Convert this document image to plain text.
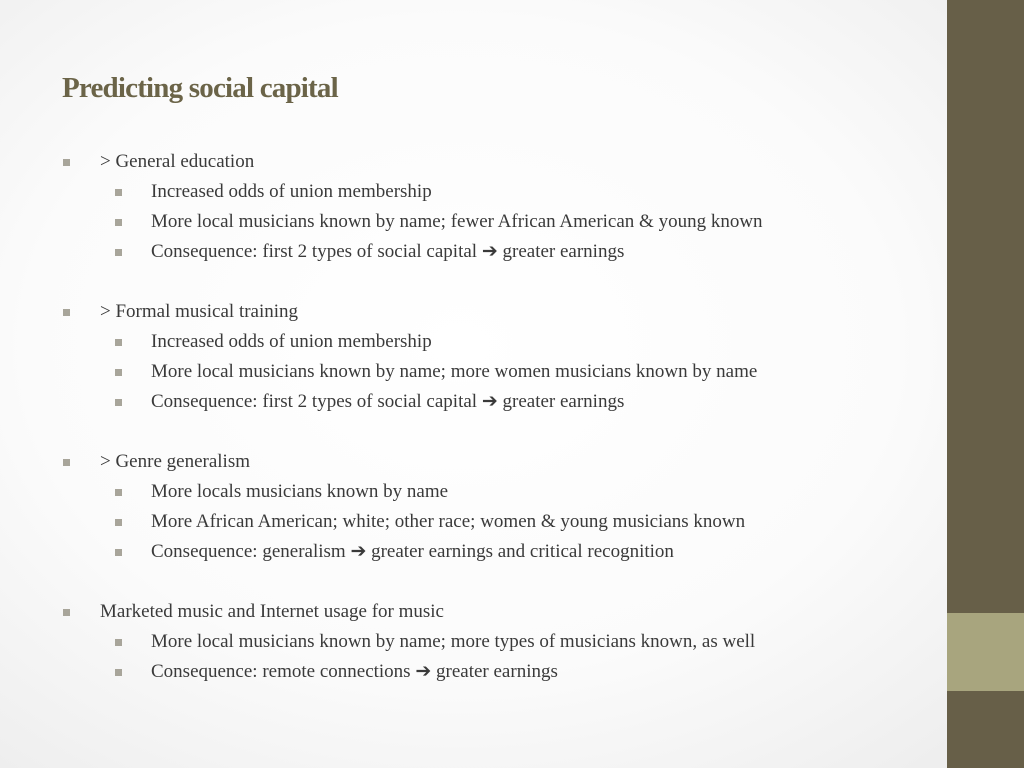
Predicting social capital
> General education
Increased odds of union membership
More local musicians known by name; fewer African American & young known
Consequence: first 2 types of social capital ➔ greater earnings
> Formal musical training
Increased odds of union membership
More local musicians known by name; more women musicians known by name
Consequence: first 2 types of social capital ➔ greater earnings
> Genre generalism
More locals musicians known by name
More African American; white; other race; women & young musicians known
Consequence: generalism ➔ greater earnings and critical recognition
Marketed music and Internet usage for music
More local musicians known by name; more types of musicians known, as well
Consequence: remote connections ➔ greater earnings
